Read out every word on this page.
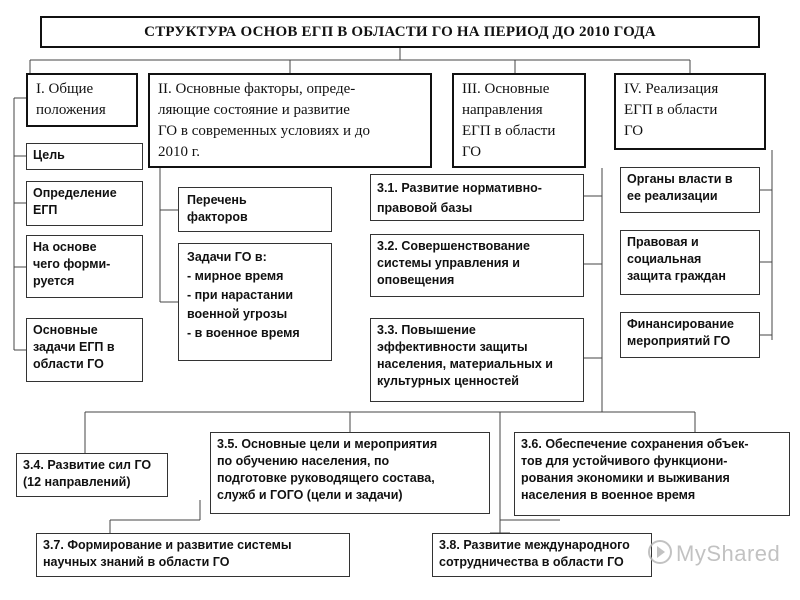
СТРУКТУРА ОСНОВ ЕГП В ОБЛАСТИ ГО НА ПЕРИОД ДО 2010 ГОДА
I. Общие
положения
II. Основные факторы, опреде-
ляющие состояние и развитие
ГО в современных условиях и до
2010 г.
III. Основные
направления
ЕГП в области
ГО
IV. Реализация
ЕГП в области
ГО
Цель
Определение
ЕГП
На основе
чего форми-
руется
Основные
задачи ЕГП в
области ГО
Перечень
факторов
Задачи ГО в:
- мирное время
- при нарастании
военной угрозы
- в военное время
3.1. Развитие нормативно-
правовой базы
3.2. Совершенствование
системы управления и
оповещения
3.3. Повышение
эффективности защиты
населения, материальных и
культурных ценностей
3.4. Развитие сил ГО
(12 направлений)
3.5. Основные цели и мероприятия
по обучению населения, по
подготовке руководящего состава,
служб и ГОГО (цели и задачи)
3.6. Обеспечение сохранения объек-
тов для устойчивого функциони-
рования экономики и выживания
населения в военное время
3.7. Формирование и развитие системы
научных знаний в области ГО
3.8. Развитие международного
сотрудничества в области ГО
Органы власти в
ее реализации
Правовая и
социальная
защита граждан
Финансирование
мероприятий ГО
MyShared
